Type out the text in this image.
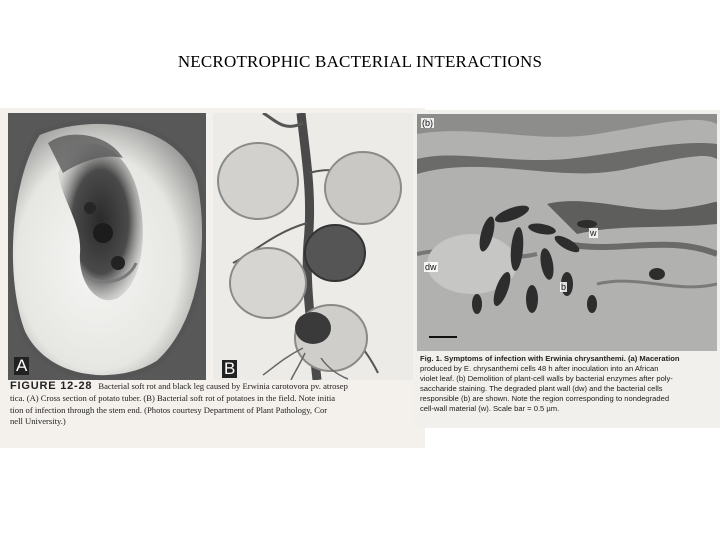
NECROTROPHIC BACTERIAL INTERACTIONS
A	B
FIGURE 12-28 Bacterial soft rot and black leg caused by Erwinia carotovora pv. atrosep
tica. (A) Cross section of potato tuber. (B) Bacterial soft rot of potatoes in the field. Note initia
tion of infection through the stem end. (Photos courtesy Department of Plant Pathology, Cor
nell University.)
(b)
dw
w
b
Fig. 1. Symptoms of infection with Erwinia chrysanthemi. (a) Maceration
produced by E. chrysanthemi cells 48 h after inoculation into an African
violet leaf. (b) Demolition of plant-cell walls by bacterial enzymes after poly-
saccharide staining. The degraded plant wall (dw) and the bacterial cells
responsible (b) are shown. Note the region corresponding to nondegraded
cell-wall material (w). Scale bar = 0.5 µm.
